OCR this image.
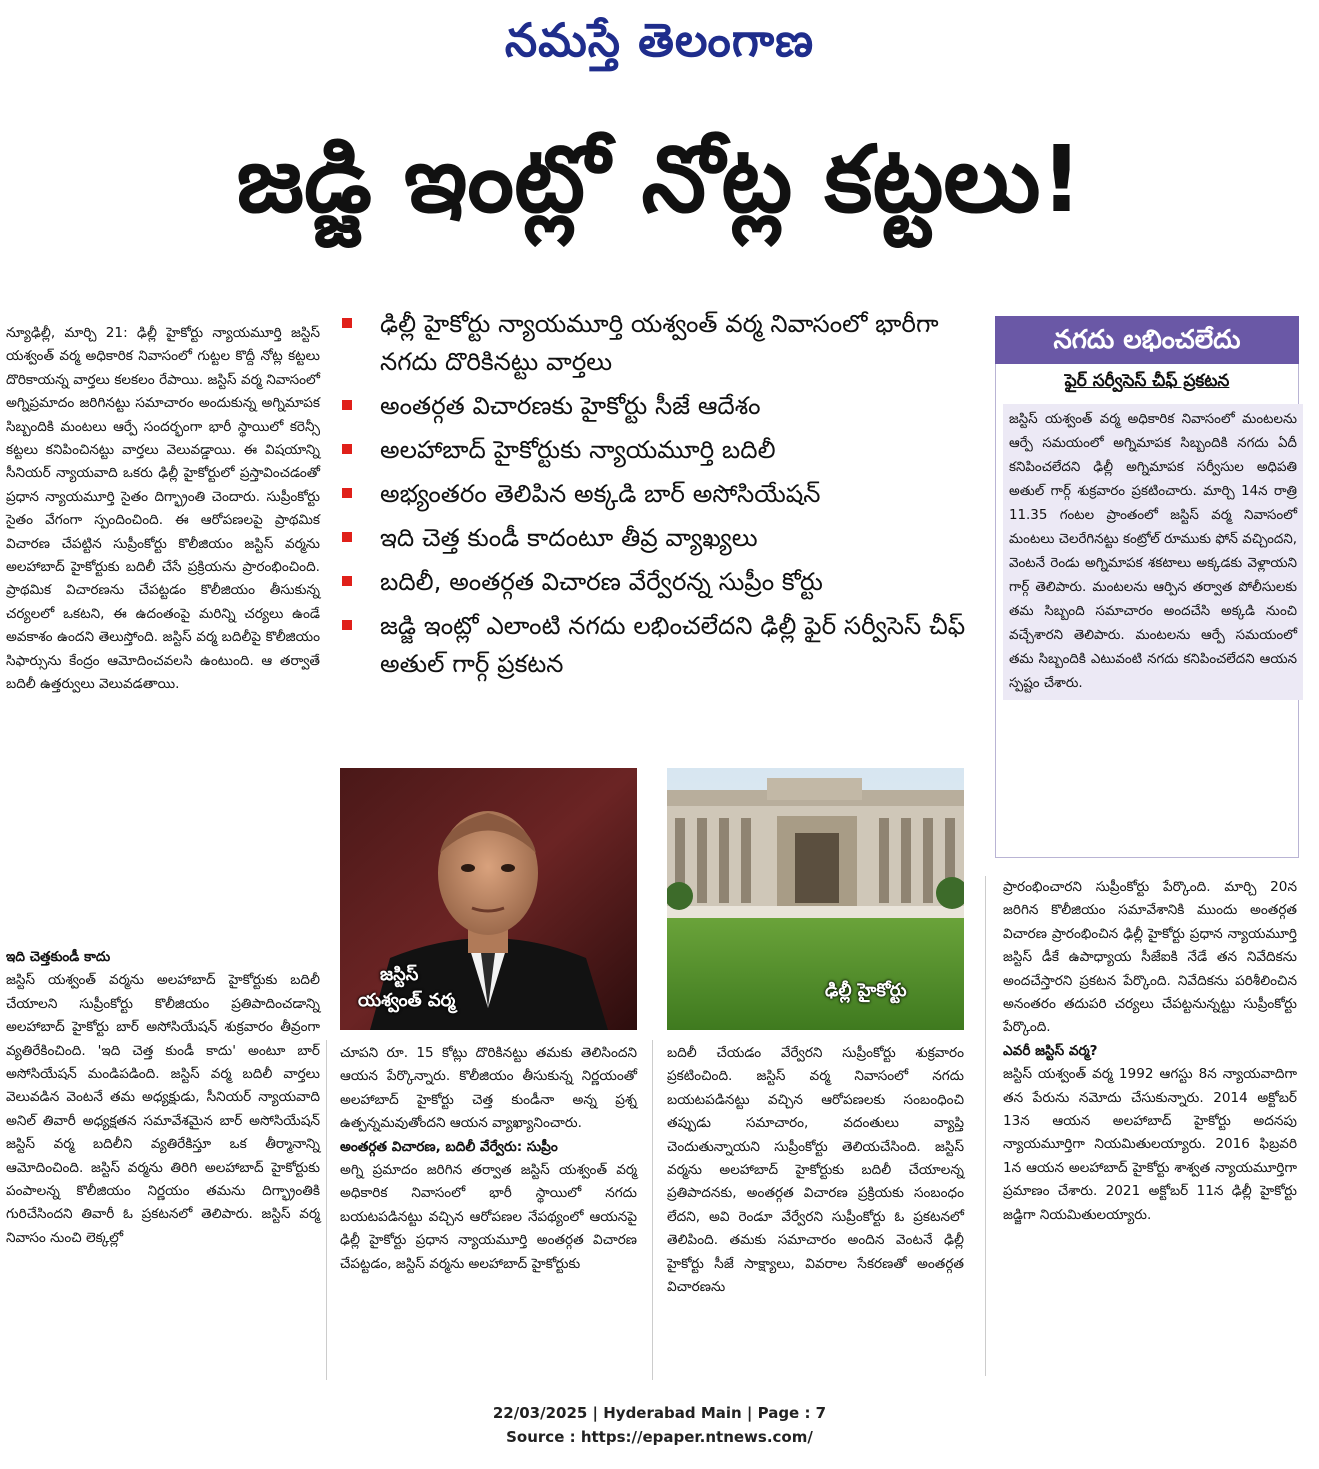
నమస్తే తెలంగాణ
జడ్జి ఇంట్లో నోట్ల కట్టలు!

న్యూఢిల్లీ, మార్చి 21: ఢిల్లీ హైకోర్టు న్యాయమూర్తి జస్టిస్ యశ్వంత్ వర్మ అధికారిక నివాసంలో గుట్టల కొద్దీ నోట్ల కట్టలు దొరికాయన్న వార్తలు కలకలం రేపాయి. జస్టిస్ వర్మ నివాసంలో అగ్నిప్రమాదం జరిగినట్టు సమాచారం అందుకున్న అగ్నిమాపక సిబ్బందికి మంటలు ఆర్పే సందర్భంగా భారీ స్థాయిలో కరెన్సీ కట్టలు కనిపించినట్టు వార్తలు వెలువడ్డాయి. ఈ విషయాన్ని సీనియర్ న్యాయవాది ఒకరు ఢిల్లీ హైకోర్టులో ప్రస్తావించడంతో ప్రధాన న్యాయమూర్తి సైతం దిగ్భ్రాంతి చెందారు. సుప్రీంకోర్టు సైతం వేగంగా స్పందించింది. ఈ ఆరోపణలపై ప్రాథమిక విచారణ చేపట్టిన సుప్రీంకోర్టు కొలీజియం జస్టిస్ వర్మను అలహాబాద్ హైకోర్టుకు బదిలీ చేసే ప్రక్రియను ప్రారంభించింది. ప్రాథమిక విచారణను చేపట్టడం కొలీజియం తీసుకున్న చర్యలలో ఒకటని, ఈ ఉదంతంపై మరిన్ని చర్యలు ఉండే అవకాశం ఉందని తెలుస్తోంది. జస్టిస్ వర్మ బదిలీపై కొలీజియం సిఫార్సును కేంద్రం ఆమోదించవలసి ఉంటుంది. ఆ తర్వాతే బదిలీ ఉత్తర్వులు వెలువడతాయి.

ఇది చెత్తకుండీ కాదు

జస్టిస్ యశ్వంత్ వర్మను అలహాబాద్ హైకోర్టుకు బదిలీ చేయాలని సుప్రీంకోర్టు కొలీజియం ప్రతిపాదించడాన్ని అలహాబాద్ హైకోర్టు బార్ అసోసియేషన్ శుక్రవారం తీవ్రంగా వ్యతిరేకించింది. 'ఇది చెత్త కుండీ కాదు' అంటూ బార్ అసోసియేషన్ మండిపడింది. జస్టిస్ వర్మ బదిలీ వార్తలు వెలువడిన వెంటనే తమ అధ్యక్షుడు, సీనియర్ న్యాయవాది అనిల్ తివారీ అధ్యక్షతన సమావేశమైన బార్ అసోసియేషన్ జస్టిస్ వర్మ బదిలీని వ్యతిరేకిస్తూ ఒక తీర్మానాన్ని ఆమోదించింది. జస్టిస్ వర్మను తిరిగి అలహాబాద్ హైకోర్టుకు పంపాలన్న కొలీజియం నిర్ణయం తమను దిగ్భ్రాంతికి గురిచేసిందని తివారీ ఓ ప్రకటనలో తెలిపారు. జస్టిస్ వర్మ నివాసం నుంచి లెక్కల్లో

ఢిల్లీ హైకోర్టు న్యాయమూర్తి యశ్వంత్ వర్మ నివాసంలో భారీగా నగదు దొరికినట్టు వార్తలు
అంతర్గత విచారణకు హైకోర్టు సీజే ఆదేశం
అలహాబాద్ హైకోర్టుకు న్యాయమూర్తి బదిలీ
అభ్యంతరం తెలిపిన అక్కడి బార్ అసోసియేషన్
ఇది చెత్త కుండీ కాదంటూ తీవ్ర వ్యాఖ్యలు
బదిలీ, అంతర్గత విచారణ వేర్వేరన్న సుప్రీం కోర్టు
జడ్జి ఇంట్లో ఎలాంటి నగదు లభించలేదని ఢిల్లీ ఫైర్ సర్వీసెస్ చీఫ్ అతుల్ గార్గ్ ప్రకటన
నగదు లభించలేదు
ఫైర్ సర్వీసెస్ చీఫ్ ప్రకటన

జస్టిస్ యశ్వంత్ వర్మ అధికారిక నివాసంలో మంటలను ఆర్పే సమయంలో అగ్నిమాపక సిబ్బందికి నగదు ఏదీ కనిపించలేదని ఢిల్లీ అగ్నిమాపక సర్వీసుల అధిపతి అతుల్ గార్గ్ శుక్రవారం ప్రకటించారు. మార్చి 14న రాత్రి 11.35 గంటల ప్రాంతంలో జస్టిస్ వర్మ నివాసంలో మంటలు చెలరేగినట్టు కంట్రోల్ రూముకు ఫోన్ వచ్చిందని, వెంటనే రెండు అగ్నిమాపక శకటాలు అక్కడకు వెళ్లాయని గార్గ్ తెలిపారు. మంటలను ఆర్పిన తర్వాత పోలీసులకు తమ సిబ్బంది సమాచారం అందచేసి అక్కడి నుంచి వచ్చేశారని తెలిపారు. మంటలను ఆర్పే సమయంలో తమ సిబ్బందికి ఎటువంటి నగదు కనిపించలేదని ఆయన స్పష్టం చేశారు.

జస్టిస్
యశ్వంత్ వర్మ	ఢిల్లీ హైకోర్టు

చూపని రూ. 15 కోట్లు దొరికినట్టు తమకు తెలిసిందని ఆయన పేర్కొన్నారు. కొలీజియం తీసుకున్న నిర్ణయంతో అలహాబాద్ హైకోర్టు చెత్త కుండీనా అన్న ప్రశ్న ఉత్పన్నమవుతోందని ఆయన వ్యాఖ్యానించారు.

అంతర్గత విచారణ, బదిలీ వేర్వేరు: సుప్రీం

అగ్ని ప్రమాదం జరిగిన తర్వాత జస్టిస్ యశ్వంత్ వర్మ అధికారిక నివాసంలో భారీ స్థాయిలో నగదు బయటపడినట్టు వచ్చిన ఆరోపణల నేపథ్యంలో ఆయనపై ఢిల్లీ హైకోర్టు ప్రధాన న్యాయమూర్తి అంతర్గత విచారణ చేపట్టడం, జస్టిస్ వర్మను అలహాబాద్ హైకోర్టుకు

బదిలీ చేయడం వేర్వేరని సుప్రీంకోర్టు శుక్రవారం ప్రకటించింది. జస్టిస్ వర్మ నివాసంలో నగదు బయటపడినట్టు వచ్చిన ఆరోపణలకు సంబంధించి తప్పుడు సమాచారం, వదంతులు వ్యాప్తి చెందుతున్నాయని సుప్రీంకోర్టు తెలియచేసింది. జస్టిస్ వర్మను అలహాబాద్ హైకోర్టుకు బదిలీ చేయాలన్న ప్రతిపాదనకు, అంతర్గత విచారణ ప్రక్రియకు సంబంధం లేదని, అవి రెండూ వేర్వేరని సుప్రీంకోర్టు ఓ ప్రకటనలో తెలిపింది. తమకు సమాచారం అందిన వెంటనే ఢిల్లీ హైకోర్టు సీజే సాక్ష్యాలు, వివరాల సేకరణతో అంతర్గత విచారణను

ప్రారంభించారని సుప్రీంకోర్టు పేర్కొంది. మార్చి 20న జరిగిన కొలీజియం సమావేశానికి ముందు అంతర్గత విచారణ ప్రారంభించిన ఢిల్లీ హైకోర్టు ప్రధాన న్యాయమూర్తి జస్టిస్ డీకే ఉపాధ్యాయ సీజేఐకి నేడే తన నివేదికను అందచేస్తారని ప్రకటన పేర్కొంది. నివేదికను పరిశీలించిన అనంతరం తదుపరి చర్యలు చేపట్టనున్నట్టు సుప్రీంకోర్టు పేర్కొంది.

ఎవరీ జస్టిస్ వర్మ?

జస్టిస్ యశ్వంత్ వర్మ 1992 ఆగస్టు 8న న్యాయవాదిగా తన పేరును నమోదు చేసుకున్నారు. 2014 అక్టోబర్ 13న ఆయన అలహాబాద్ హైకోర్టు అదనపు న్యాయమూర్తిగా నియమితులయ్యారు. 2016 ఫిబ్రవరి 1న ఆయన అలహాబాద్ హైకోర్టు శాశ్వత న్యాయమూర్తిగా ప్రమాణం చేశారు. 2021 అక్టోబర్ 11న ఢిల్లీ హైకోర్టు జడ్జిగా నియమితులయ్యారు.

22/03/2025 | Hyderabad Main | Page : 7
Source : https://epaper.ntnews.com/
